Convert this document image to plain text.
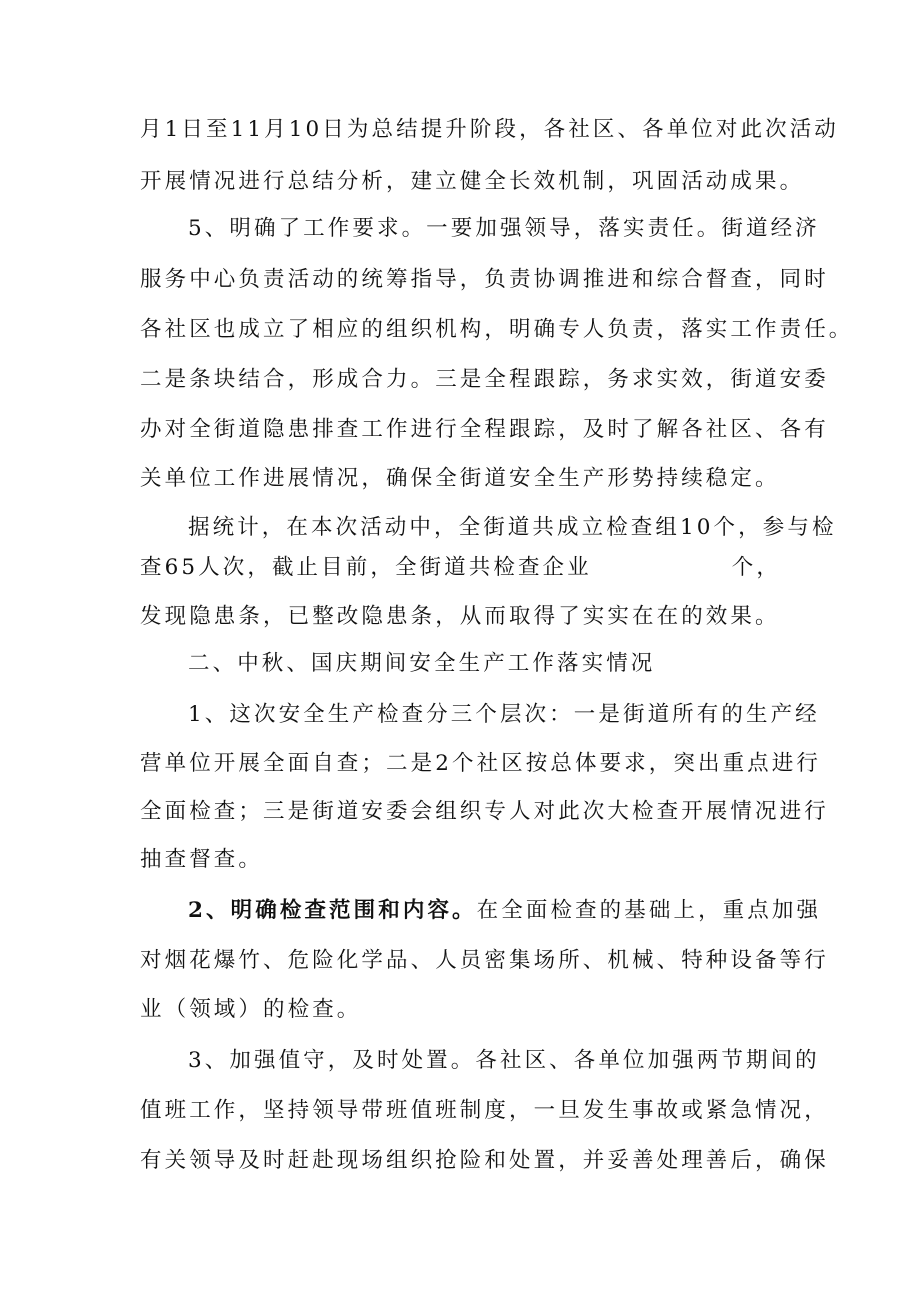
月1日至11月10日为总结提升阶段，各社区、各单位对此次活动
开展情况进行总结分析，建立健全长效机制，巩固活动成果。
5、明确了工作要求。一要加强领导，落实责任。街道经济
服务中心负责活动的统筹指导，负责协调推进和综合督查，同时
各社区也成立了相应的组织机构，明确专人负责，落实工作责任。
二是条块结合，形成合力。三是全程跟踪，务求实效，街道安委
办对全街道隐患排查工作进行全程跟踪，及时了解各社区、各有
关单位工作进展情况，确保全街道安全生产形势持续稳定。
据统计，在本次活动中，全街道共成立检查组10个，参与检
查65人次，截止目前，全街道共检查企业	个，
发现隐患条，已整改隐患条，从而取得了实实在在的效果。
二、中秋、国庆期间安全生产工作落实情况
1、这次安全生产检查分三个层次：一是街道所有的生产经
营单位开展全面自查；二是2个社区按总体要求，突出重点进行
全面检查；三是街道安委会组织专人对此次大检查开展情况进行
抽查督查。
2、明确检查范围和内容。在全面检查的基础上，重点加强
对烟花爆竹、危险化学品、人员密集场所、机械、特种设备等行
业（领域）的检查。
3、加强值守，及时处置。各社区、各单位加强两节期间的
值班工作，坚持领导带班值班制度，一旦发生事故或紧急情况，
有关领导及时赶赴现场组织抢险和处置，并妥善处理善后，确保
